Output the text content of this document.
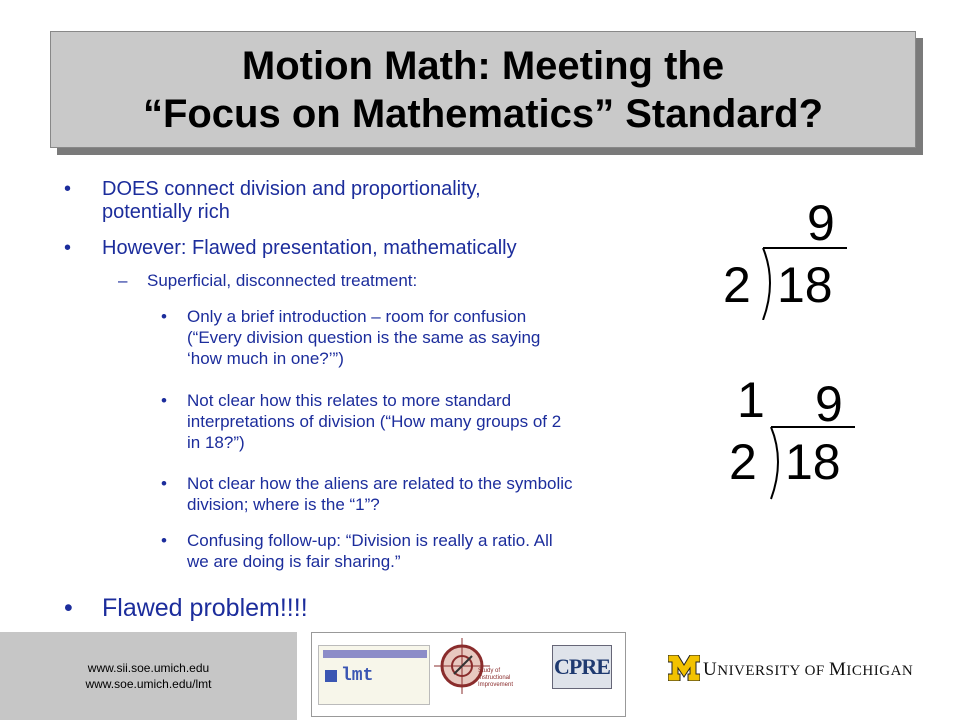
Motion Math: Meeting the
“Focus on Mathematics” Standard?
• DOES connect division and proportionality,
potentially rich
• However: Flawed presentation, mathematically
– Superficial, disconnected treatment:
• Only a brief introduction – room for confusion
(“Every division question is the same as saying
‘how much in one?’”)
• Not clear how this relates to more standard
interpretations of division (“How many groups of 2
in 18?”)
• Not clear how the aliens are related to the symbolic
division; where is the “1”?
• Confusing follow-up: “Division is really a ratio. All
we are doing is fair sharing.”
• Flawed problem!!!!
9
2 18
1 9
2 18
www.sii.soe.umich.edu
www.soe.umich.edu/lmt	lmt	Study of Instructional Improvement
CPRE	UNIVERSITY OF MICHIGAN
